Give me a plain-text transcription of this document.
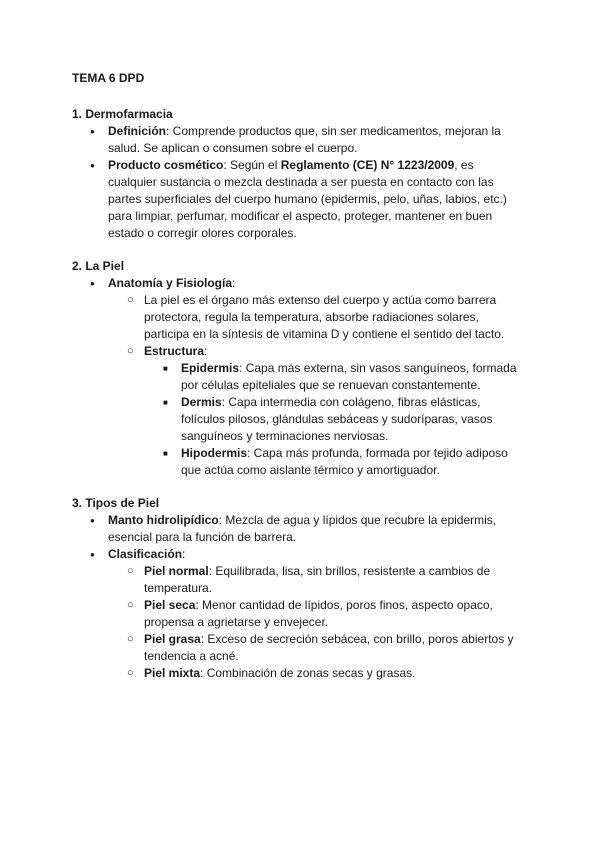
TEMA 6 DPD

1. Dermofarmacia

● Definición: Comprende productos que, sin ser medicamentos, mejoran la salud. Se aplican o consumen sobre el cuerpo.
● Producto cosmético: Según el Reglamento (CE) N° 1223/2009, es cualquier sustancia o mezcla destinada a ser puesta en contacto con las partes superficiales del cuerpo humano (epidermis, pelo, uñas, labios, etc.) para limpiar, perfumar, modificar el aspecto, proteger, mantener en buen estado o corregir olores corporales.

2. La Piel

● Anatomía y Fisiología:
○ La piel es el órgano más extenso del cuerpo y actúa como barrera protectora, regula la temperatura, absorbe radiaciones solares, participa en la síntesis de vitamina D y contiene el sentido del tacto.
○ Estructura:
■ Epidermis: Capa más externa, sin vasos sanguíneos, formada por células epiteliales que se renuevan constantemente.
■ Dermis: Capa intermedia con colágeno, fibras elásticas, folículos pilosos, glándulas sebáceas y sudoríparas, vasos sanguíneos y terminaciones nerviosas.
■ Hipodermis: Capa más profunda, formada por tejido adiposo que actúa como aislante térmico y amortiguador.

3. Tipos de Piel

● Manto hidrolipídico: Mezcla de agua y lípidos que recubre la epidermis, esencial para la función de barrera.
● Clasificación:
○ Piel normal: Equilibrada, lisa, sin brillos, resistente a cambios de temperatura.
○ Piel seca: Menor cantidad de lípidos, poros finos, aspecto opaco, propensa a agrietarse y envejecer.
○ Piel grasa: Exceso de secreción sebácea, con brillo, poros abiertos y tendencia a acné.
○ Piel mixta: Combinación de zonas secas y grasas.
